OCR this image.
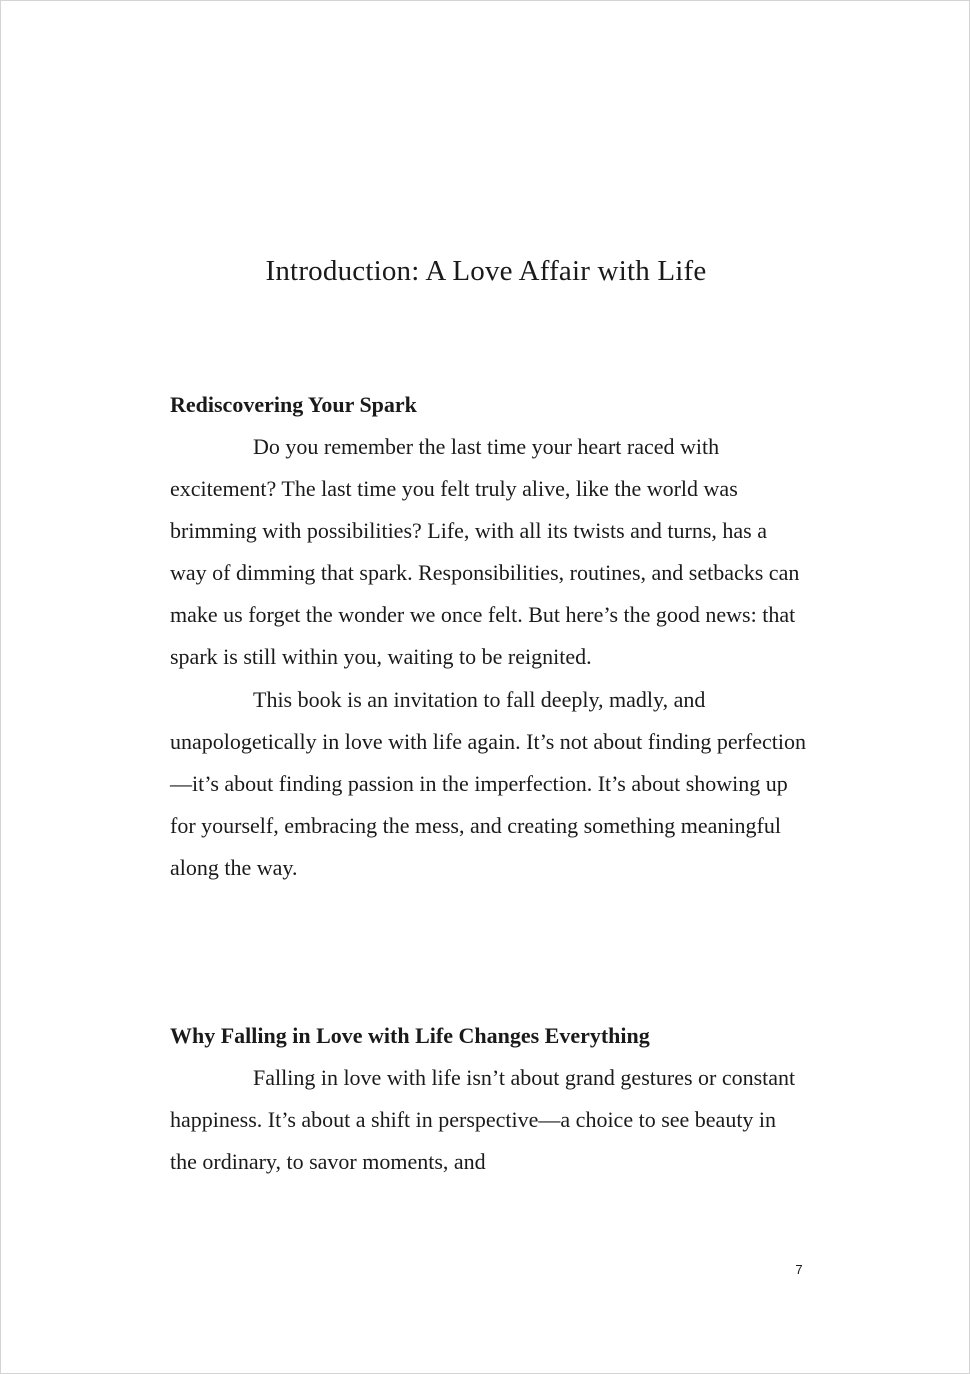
Introduction: A Love Affair with Life
Rediscovering Your Spark

Do you remember the last time your heart raced with excitement? The last time you felt truly alive, like the world was brimming with possibilities? Life, with all its twists and turns, has a way of dimming that spark. Responsibilities, routines, and setbacks can make us forget the wonder we once felt. But here’s the good news: that spark is still within you, waiting to be reignited.

This book is an invitation to fall deeply, madly, and unapologetically in love with life again. It’s not about finding perfection—it’s about finding passion in the imperfection. It’s about showing up for yourself, embracing the mess, and creating something meaningful along the way.

Why Falling in Love with Life Changes Everything

Falling in love with life isn’t about grand gestures or constant happiness. It’s about a shift in perspective—a choice to see beauty in the ordinary, to savor moments, and

7
